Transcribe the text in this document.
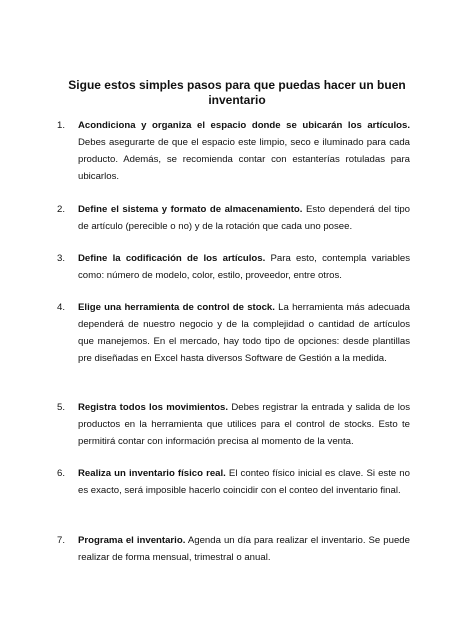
Sigue estos simples pasos para que puedas hacer un buen inventario
1.	Acondiciona y organiza el espacio donde se ubicarán los artículos. Debes asegurarte de que el espacio este limpio, seco e iluminado para cada producto. Además, se recomienda contar con estanterías rotuladas para ubicarlos.
2.	Define el sistema y formato de almacenamiento. Esto dependerá del tipo de artículo (perecible o no) y de la rotación que cada uno posee.
3.	Define la codificación de los artículos. Para esto, contempla variables como: número de modelo, color, estilo, proveedor, entre otros.
4.	Elige una herramienta de control de stock. La herramienta más adecuada dependerá de nuestro negocio y de la complejidad o cantidad de artículos que manejemos. En el mercado, hay todo tipo de opciones: desde plantillas pre diseñadas en Excel hasta diversos Software de Gestión a la medida.
5.	Registra todos los movimientos. Debes registrar la entrada y salida de los productos en la herramienta que utilices para el control de stocks. Esto te permitirá contar con información precisa al momento de la venta.
6.	Realiza un inventario físico real. El conteo físico inicial es clave. Si este no es exacto, será imposible hacerlo coincidir con el conteo del inventario final.
7.	Programa el inventario. Agenda un día para realizar el inventario. Se puede realizar de forma mensual, trimestral o anual.
